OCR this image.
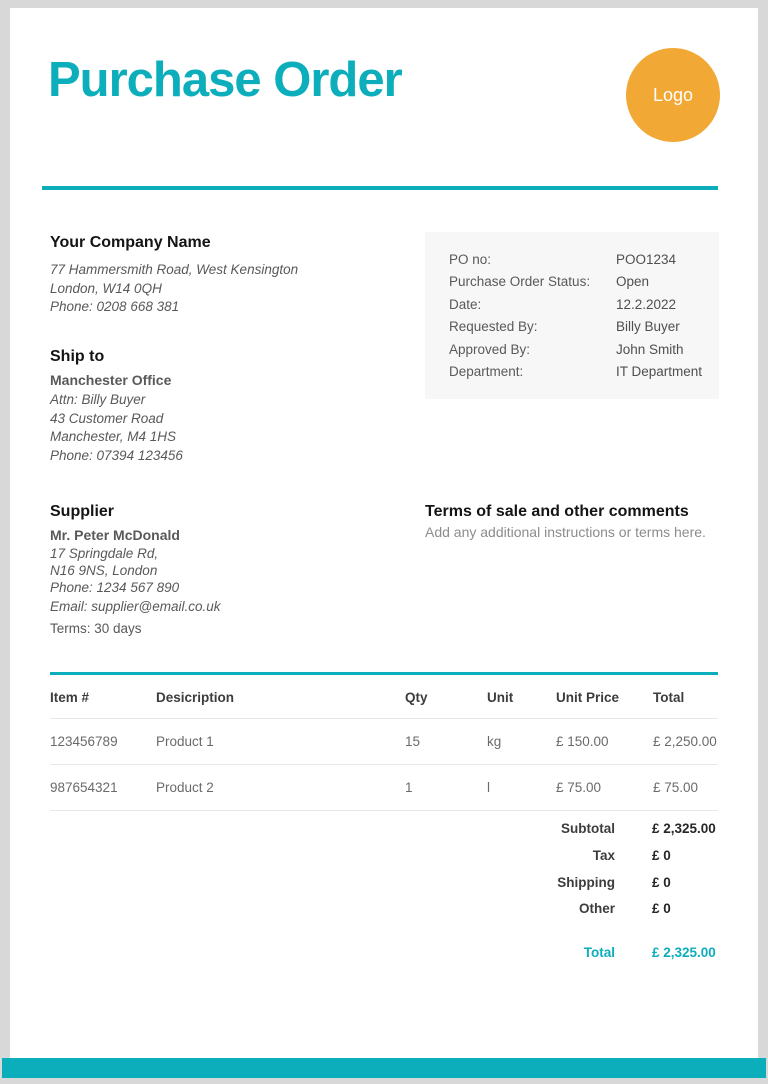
Purchase Order	Logo
Your Company Name
77 Hammersmith Road, West Kensington
London, W14 0QH
Phone: 0208 668 381
Ship to
Manchester Office
Attn: Billy Buyer
43 Customer Road
Manchester, M4 1HS
Phone: 07394 123456
PO no:	POO1234
Purchase Order Status:	Open
Date:	12.2.2022
Requested By:	Billy Buyer
Approved By:	John Smith
Department:	IT Department
Supplier
Mr. Peter McDonald
17 Springdale Rd,
N16 9NS, London
Phone: 1234 567 890
Email: supplier@email.co.uk
Terms: 30 days
Terms of sale and other comments
Add any additional instructions or terms here.
Item #	Desicription	Qty	Unit	Unit Price	Total
123456789	Product 1	15	kg	£ 150.00	£ 2,250.00
987654321	Product 2	1	l	£ 75.00	£ 75.00
Subtotal	£ 2,325.00
Tax	£ 0
Shipping	£ 0
Other	£ 0
Total	£ 2,325.00
